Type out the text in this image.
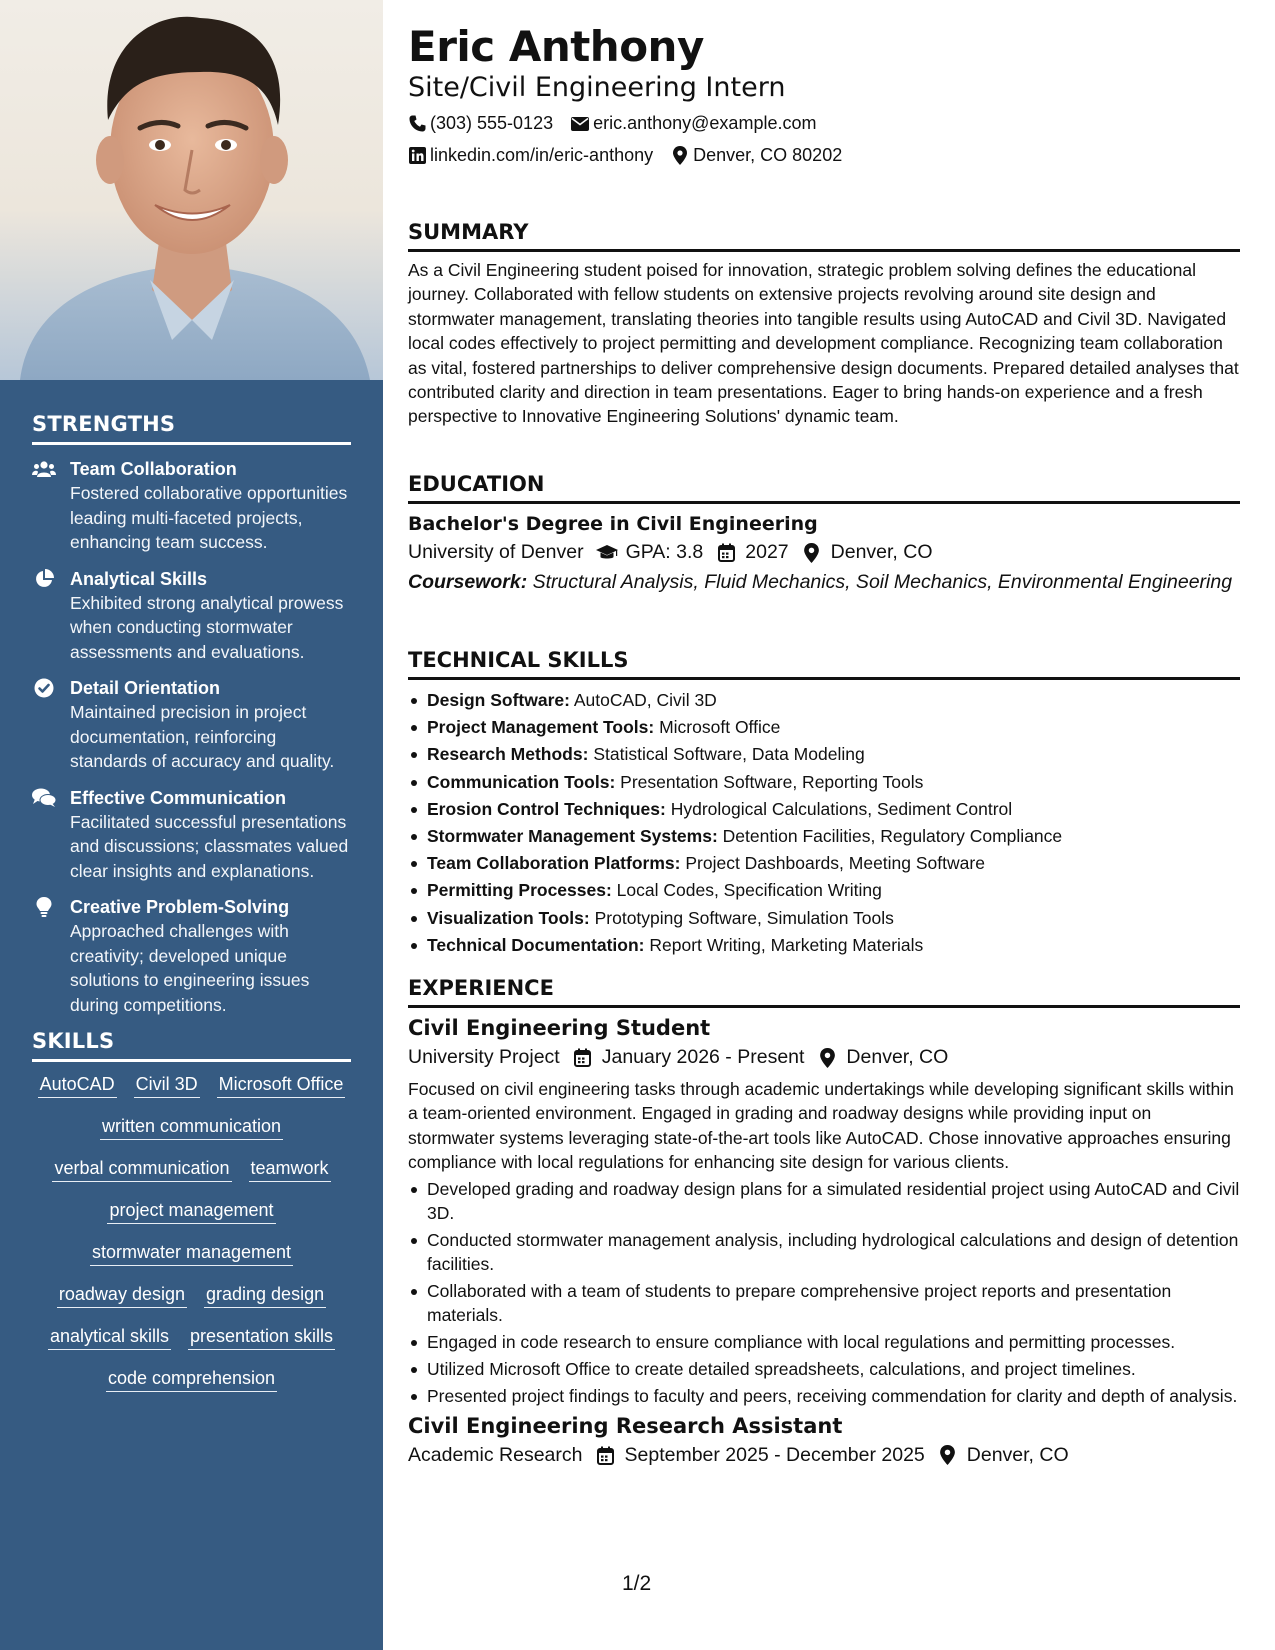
STRENGTHS
Team Collaboration
Fostered collaborative opportunities leading multi-faceted projects, enhancing team success.
Analytical Skills
Exhibited strong analytical prowess when conducting stormwater assessments and evaluations.
Detail Orientation
Maintained precision in project documentation, reinforcing standards of accuracy and quality.
Effective Communication
Facilitated successful presentations and discussions; classmates valued clear insights and explanations.
Creative Problem-Solving
Approached challenges with creativity; developed unique solutions to engineering issues during competitions.
SKILLS
AutoCAD Civil 3D Microsoft Office
written communication
verbal communication teamwork
project management
stormwater management
roadway design grading design
analytical skills presentation skills
code comprehension
Eric Anthony
Site/Civil Engineering Intern
(303) 555-0123 eric.anthony@example.com
linkedin.com/in/eric-anthony Denver, CO 80202
SUMMARY
As a Civil Engineering student poised for innovation, strategic problem solving defines the educational journey. Collaborated with fellow students on extensive projects revolving around site design and stormwater management, translating theories into tangible results using AutoCAD and Civil 3D. Navigated local codes effectively to project permitting and development compliance. Recognizing team collaboration as vital, fostered partnerships to deliver comprehensive design documents. Prepared detailed analyses that contributed clarity and direction in team presentations. Eager to bring hands-on experience and a fresh perspective to Innovative Engineering Solutions' dynamic team.
EDUCATION
Bachelor's Degree in Civil Engineering
University of Denver GPA: 3.8 2027 Denver, CO
Coursework: Structural Analysis, Fluid Mechanics, Soil Mechanics, Environmental Engineering
TECHNICAL SKILLS
Design Software: AutoCAD, Civil 3D
Project Management Tools: Microsoft Office
Research Methods: Statistical Software, Data Modeling
Communication Tools: Presentation Software, Reporting Tools
Erosion Control Techniques: Hydrological Calculations, Sediment Control
Stormwater Management Systems: Detention Facilities, Regulatory Compliance
Team Collaboration Platforms: Project Dashboards, Meeting Software
Permitting Processes: Local Codes, Specification Writing
Visualization Tools: Prototyping Software, Simulation Tools
Technical Documentation: Report Writing, Marketing Materials
EXPERIENCE
Civil Engineering Student
University Project January 2026 - Present Denver, CO
Focused on civil engineering tasks through academic undertakings while developing significant skills within a team-oriented environment. Engaged in grading and roadway designs while providing input on stormwater systems leveraging state-of-the-art tools like AutoCAD. Chose innovative approaches ensuring compliance with local regulations for enhancing site design for various clients.
Developed grading and roadway design plans for a simulated residential project using AutoCAD and Civil 3D.
Conducted stormwater management analysis, including hydrological calculations and design of detention facilities.
Collaborated with a team of students to prepare comprehensive project reports and presentation materials.
Engaged in code research to ensure compliance with local regulations and permitting processes.
Utilized Microsoft Office to create detailed spreadsheets, calculations, and project timelines.
Presented project findings to faculty and peers, receiving commendation for clarity and depth of analysis.
Civil Engineering Research Assistant
Academic Research September 2025 - December 2025 Denver, CO
1/2
